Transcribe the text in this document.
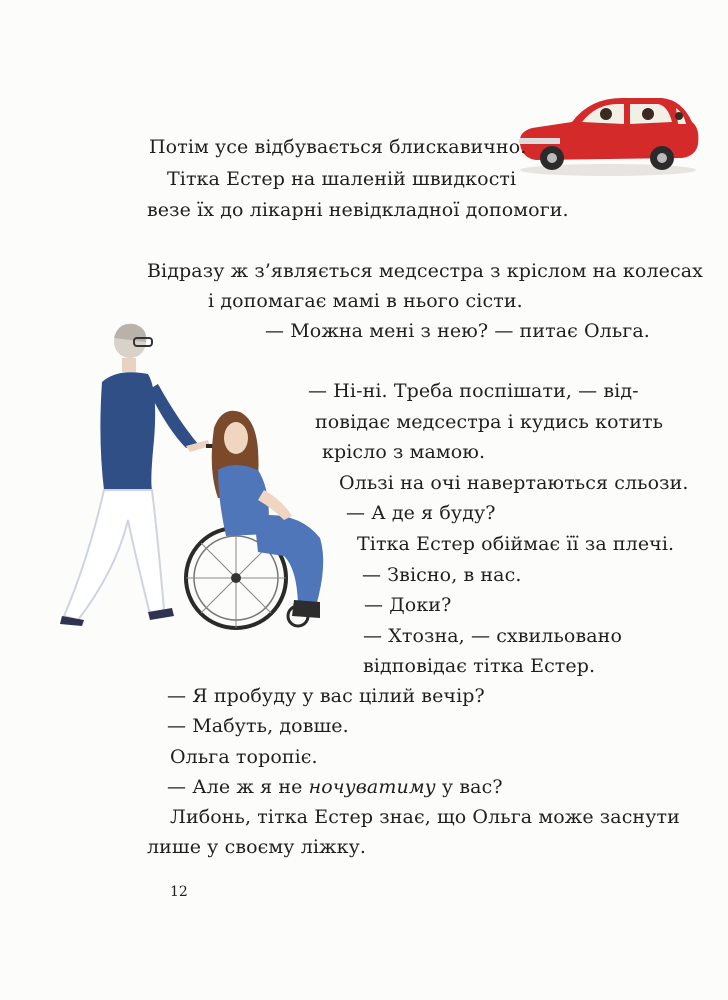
Потім усе відбувається блискавично.
Тітка Естер на шаленій швидкості
везе їх до лікарні невідкладної допомоги.
Відразу ж з’являється медсестра з кріслом на колесах
і допомагає мамі в нього сісти.
— Можна мені з нею? — питає Ольга.
— Ні-ні. Треба поспішати, — від-
повідає медсестра і кудись котить
крісло з мамою.
Ользі на очі навертаються сльози.
— А де я буду?
Тітка Естер обіймає її за плечі.
— Звісно, в нас.
— Доки?
— Хтозна, — схвильовано
відповідає тітка Естер.
— Я пробуду у вас цілий вечір?
— Мабуть, довше.
Ольга торопіє.
— Але ж я не ночуватиму у вас?
Либонь, тітка Естер знає, що Ольга може заснути
лише у своєму ліжку.
12
